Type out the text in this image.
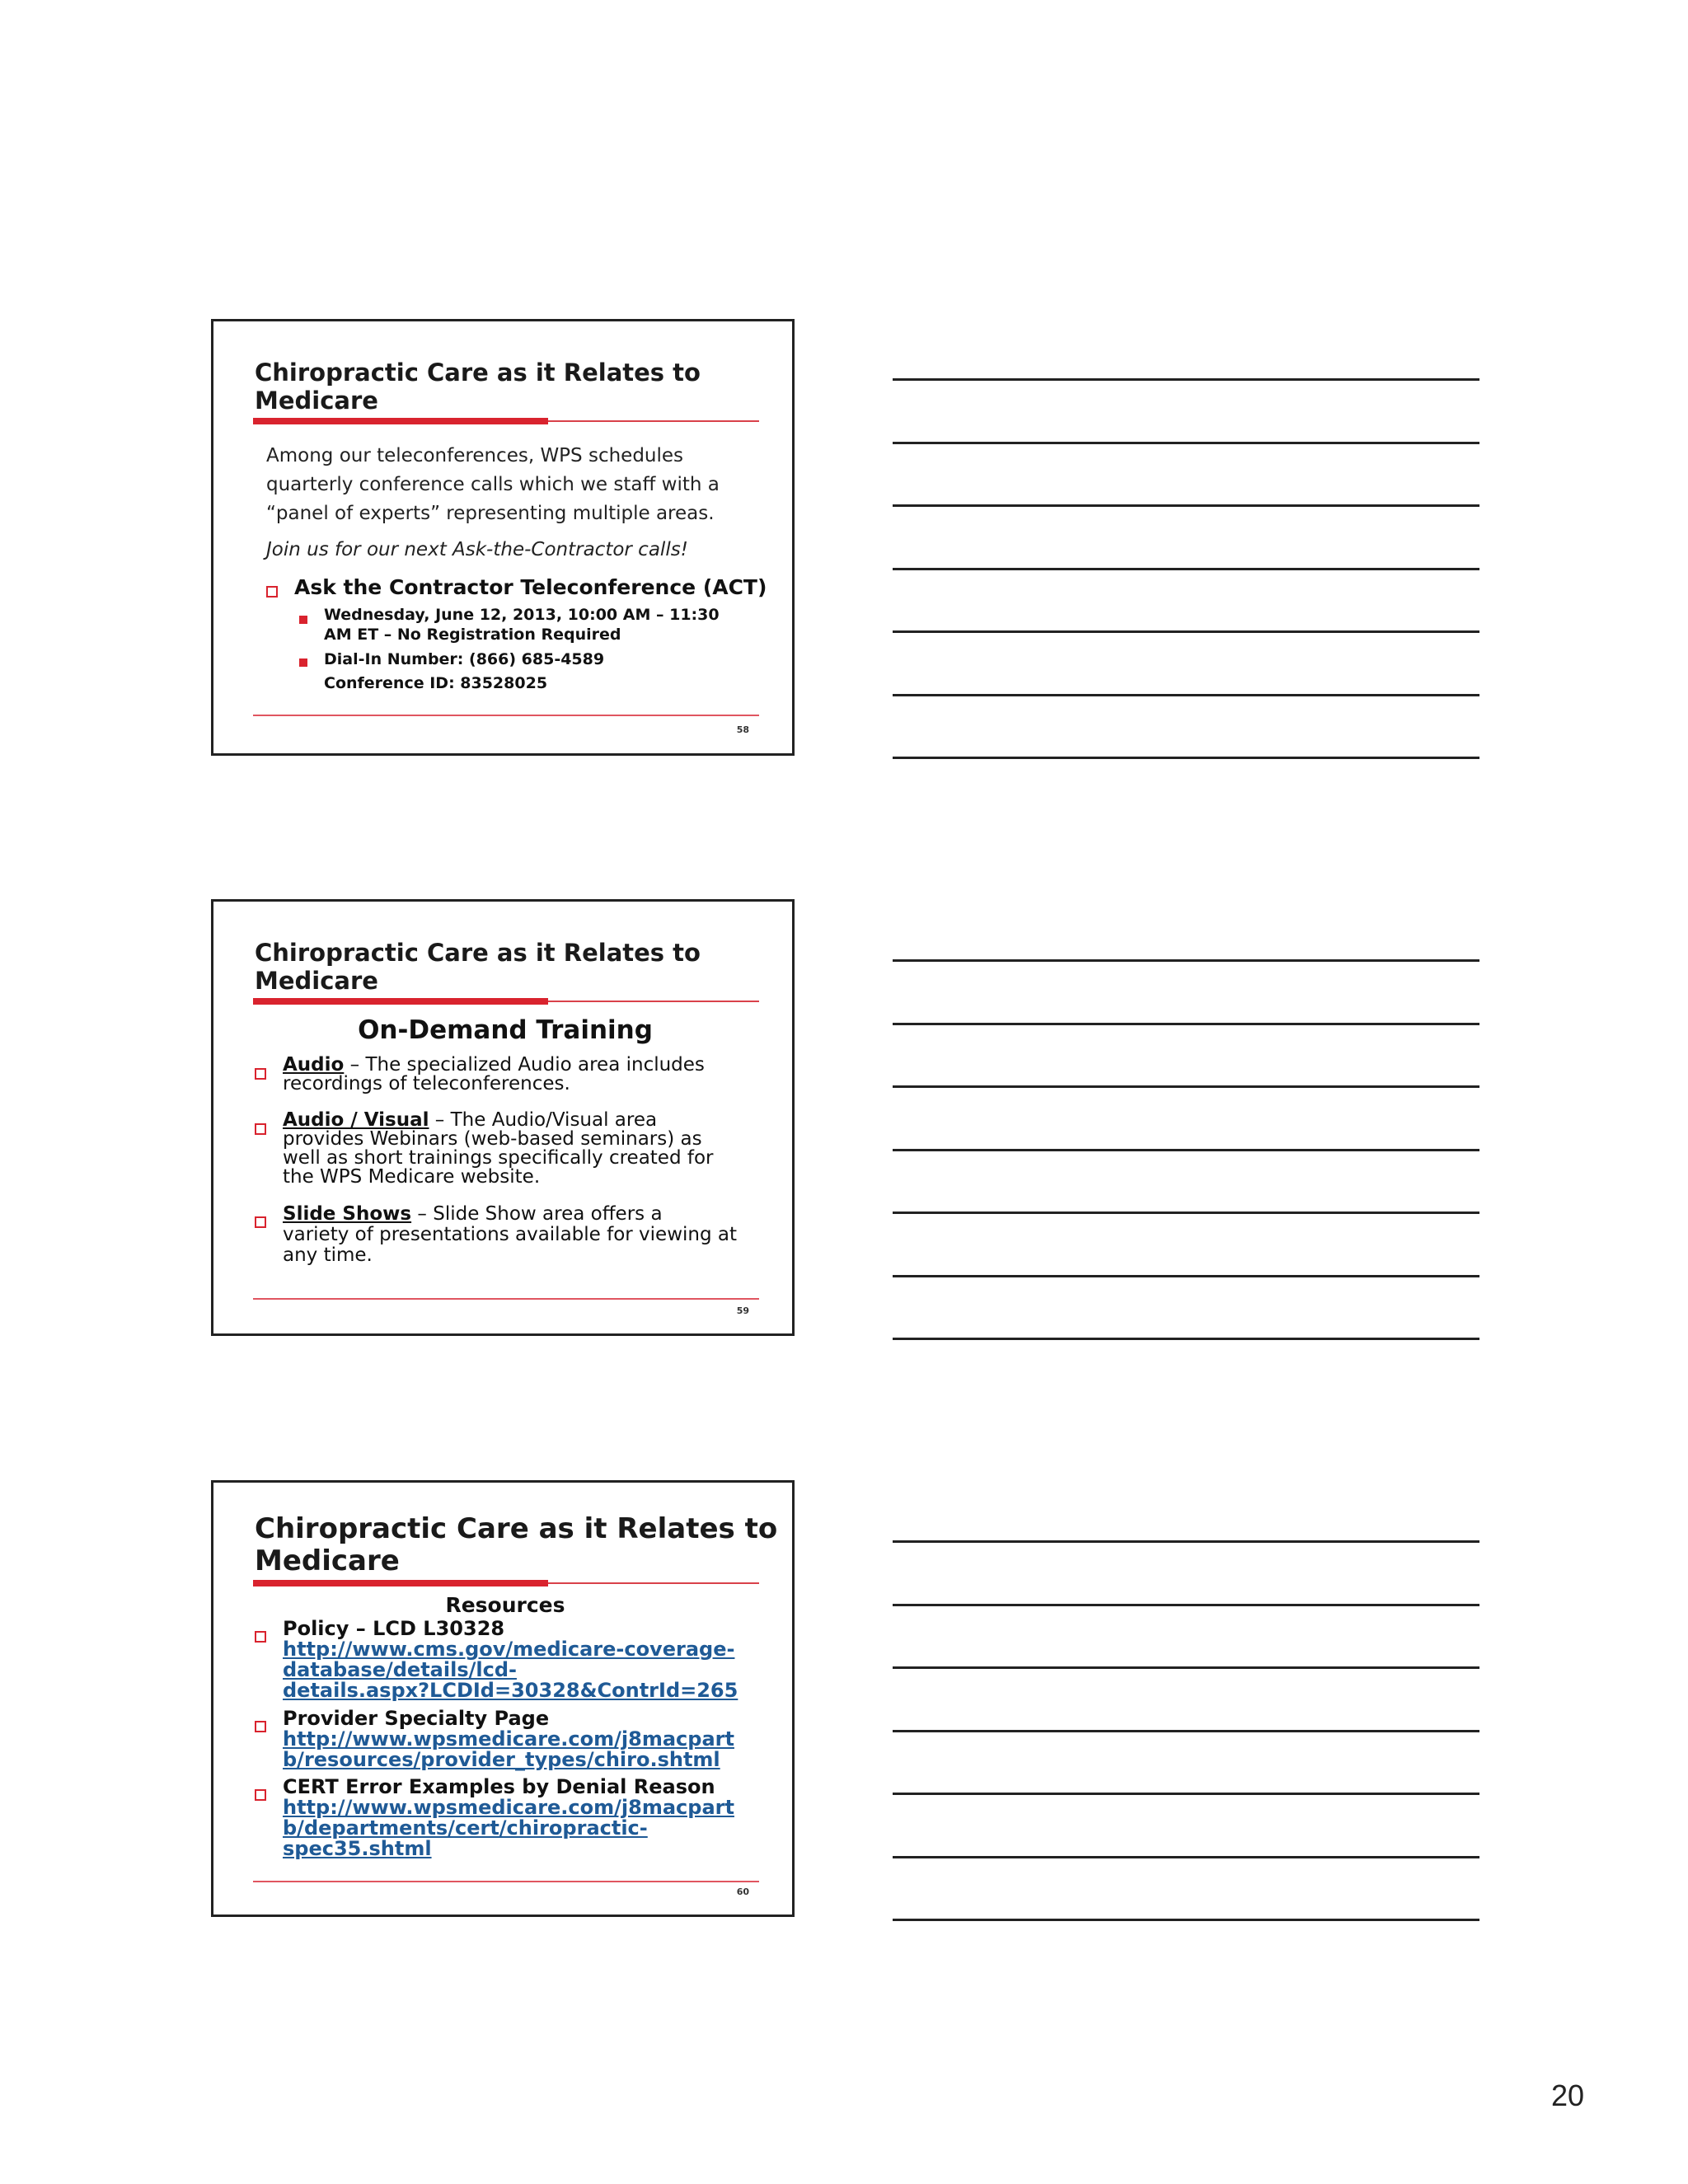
Chiropractic Care as it Relates to
Medicare
Among our teleconferences, WPS schedules
quarterly conference calls which we staff with a
“panel of experts” representing multiple areas.
Join us for our next Ask-the-Contractor calls!
Ask the Contractor Teleconference (ACT)
Wednesday, June 12, 2013, 10:00 AM – 11:30
AM ET – No Registration Required
Dial-In Number: (866) 685-4589
Conference ID: 83528025
58
Chiropractic Care as it Relates to
Medicare
On-Demand Training
Audio – The specialized Audio area includes
recordings of teleconferences.
Audio / Visual – The Audio/Visual area
provides Webinars (web-based seminars) as
well as short trainings specifically created for
the WPS Medicare website.
Slide Shows – Slide Show area offers a
variety of presentations available for viewing at
any time.
59
Chiropractic Care as it Relates to
Medicare
Resources
Policy – LCD L30328
http://www.cms.gov/medicare-coverage-
database/details/lcd-
details.aspx?LCDId=30328&ContrId=265
Provider Specialty Page
http://www.wpsmedicare.com/j8macpart
b/resources/provider_types/chiro.shtml
CERT Error Examples by Denial Reason
http://www.wpsmedicare.com/j8macpart
b/departments/cert/chiropractic-
spec35.shtml
60
20
